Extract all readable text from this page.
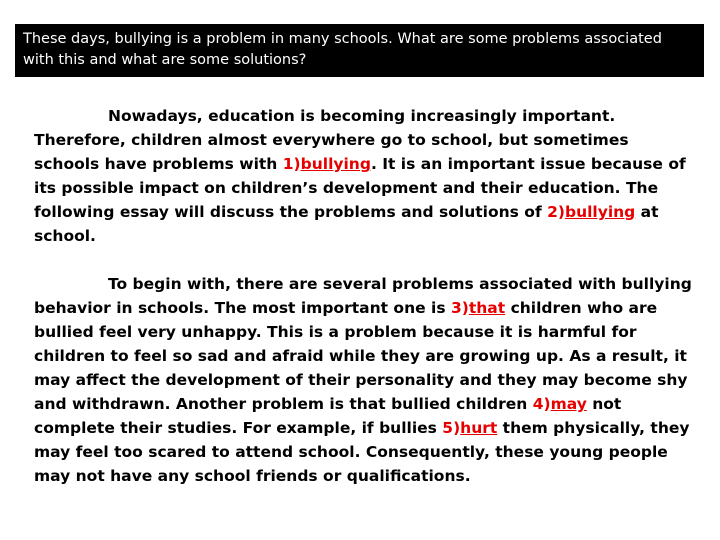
These days, bullying is a problem in many schools. What are some problems associated with this and what are some solutions?

Nowadays, education is becoming increasingly important. Therefore, children almost everywhere go to school, but sometimes schools have problems with 1)bullying. It is an important issue because of its possible impact on children’s development and their education. The following essay will discuss the problems and solutions of 2)bullying at school.

To begin with, there are several problems associated with bullying behavior in schools. The most important one is 3)that children who are bullied feel very unhappy. This is a problem because it is harmful for children to feel so sad and afraid while they are growing up. As a result, it may affect the development of their personality and they may become shy and withdrawn. Another problem is that bullied children 4)may not complete their studies. For example, if bullies 5)hurt them physically, they may feel too scared to attend school. Consequently, these young people may not have any school friends or qualifications.
